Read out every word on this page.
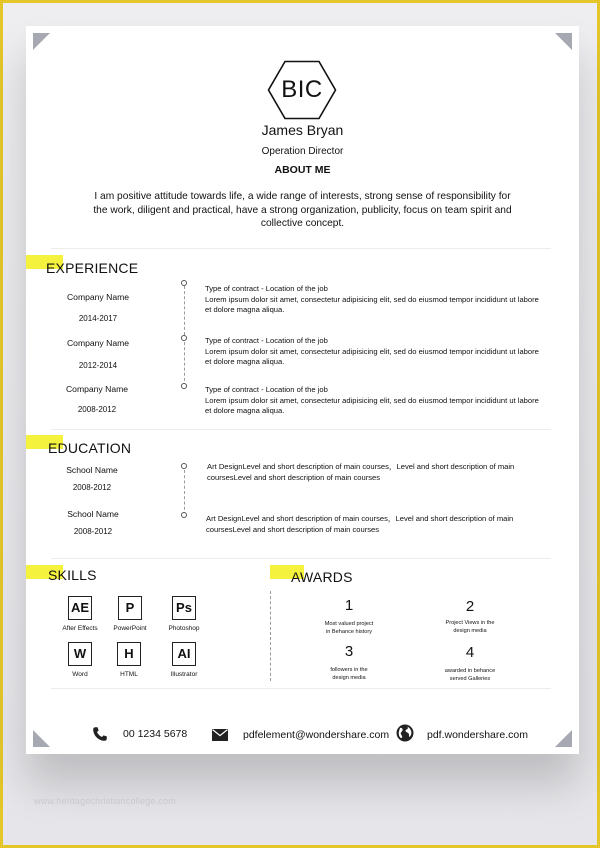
BIC
James Bryan
Operation Director
ABOUT ME
I am positive attitude towards life, a wide range of interests, strong sense of responsibility for the work, diligent and practical, have a strong organization, publicity, focus on team spirit and collective concept.
EXPERIENCE
Company Name
2014-2017
Type of contract - Location of the job
Lorem ipsum dolor sit amet, consectetur adipisicing elit, sed do eiusmod tempor incididunt ut labore et dolore magna aliqua.
Company Name
2012-2014
Type of contract - Location of the job
Lorem ipsum dolor sit amet, consectetur adipisicing elit, sed do eiusmod tempor incididunt ut labore et dolore magna aliqua.
Company Name
2008-2012
Type of contract - Location of the job
Lorem ipsum dolor sit amet, consectetur adipisicing elit, sed do eiusmod tempor incididunt ut labore et dolore magna aliqua.
EDUCATION
School Name
2008-2012
Art DesignLevel and short description of main courses，Level and short description of main coursesLevel and short description of main courses
School Name
2008-2012
Art DesignLevel and short description of main courses，Level and short description of main coursesLevel and short description of main courses
SKILLS
AE
After Effects
P
PowerPoint
Ps
Photoshop
W
Word
H
HTML
AI
Illustrator
AWARDS
1
Most valued project
in Behance history
2
Project Views in the
design media
3
followers in the
design media
4
awarded in behance
served Galleries
00 1234 5678	pdfelement@wondershare.com	pdf.wondershare.com
www.heritagechristiancollege.com
